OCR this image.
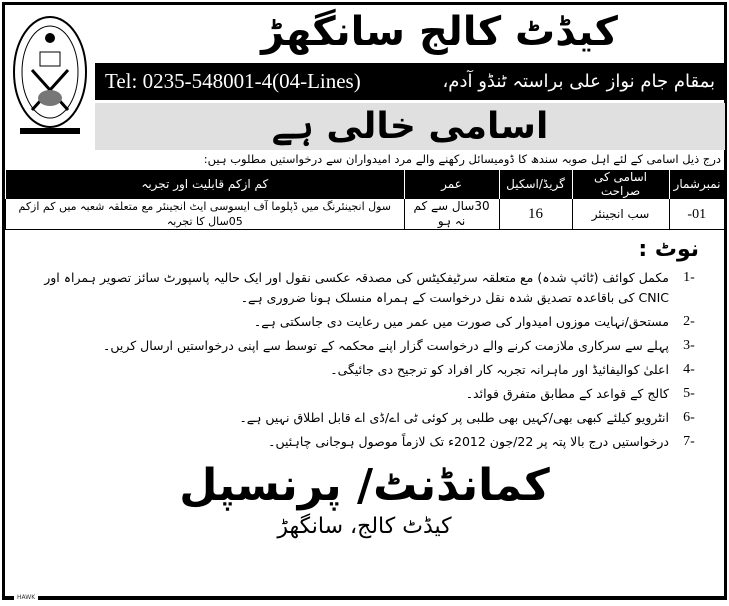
کیڈٹ کالج سانگھڑ
بمقام جام نواز علی براستہ ٹنڈو آدم،
Tel: 0235-548001-4(04-Lines)
اسامی خالی ہے
درج ذیل اسامی کے لئے اہل صوبہ سندھ کا ڈومیسائل رکھنے والے مرد امیدواران سے درخواستیں مطلوب ہیں:
نمبرشمار	اسامی کی صراحت	گریڈ/اسکیل	عمر	کم ازکم قابلیت اور تجربہ
-01	سب انجینئر	16	30سال سے کم نہ ہو	سول انجینئرنگ میں ڈپلوما آف ایسوسی ایٹ انجینئر مع متعلقہ شعبہ میں کم ازکم 05سال کا تجربہ
نوٹ :
-1
مکمل کوائف (ٹائپ شدہ) مع متعلقہ سرٹیفکیٹس کی مصدقہ عکسی نقول اور ایک حالیہ پاسپورٹ سائز تصویر ہمراہ اور CNIC کی باقاعدہ تصدیق شدہ نقل درخواست کے ہمراہ منسلک ہونا ضروری ہے۔
-2
مستحق/نہایت موزوں امیدوار کی صورت میں عمر میں رعایت دی جاسکتی ہے۔
-3
پہلے سے سرکاری ملازمت کرنے والے درخواست گزار اپنے محکمہ کے توسط سے اپنی درخواستیں ارسال کریں۔
-4
اعلیٰ کوالیفائیڈ اور ماہرانہ تجربہ کار افراد کو ترجیح دی جائیگی۔
-5
کالج کے قواعد کے مطابق متفرق فوائد۔
-6
انٹرویو کیلئے کبھی بھی/کہیں بھی طلبی پر کوئی ٹی اے/ڈی اے قابل اطلاق نہیں ہے۔
-7
درخواستیں درج بالا پتہ پر 22/جون 2012ء تک لازماً موصول ہوجانی چاہئیں۔
کمانڈنٹ/ پرنسپل
کیڈٹ کالج، سانگھڑ
HAWK
